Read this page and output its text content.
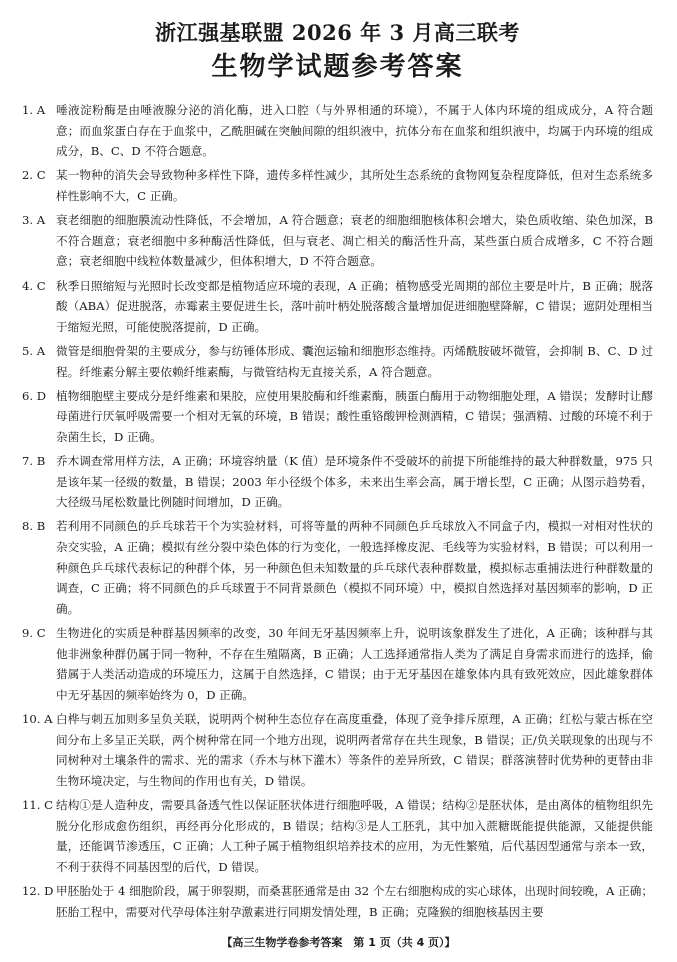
浙江强基联盟 2026 年 3 月高三联考
生物学试题参考答案
1. A 唾液淀粉酶是由唾液腺分泌的消化酶，进入口腔（与外界相通的环境），不属于人体内环境的组成成分，A 符合题意；而血浆蛋白存在于血浆中，乙酰胆碱在突触间隙的组织液中，抗体分布在血浆和组织液中，均属于内环境的组成成分，B、C、D 不符合题意。
2. C 某一物种的消失会导致物种多样性下降，遗传多样性减少，其所处生态系统的食物网复杂程度降低，但对生态系统多样性影响不大，C 正确。
3. A 衰老细胞的细胞膜流动性降低，不会增加，A 符合题意；衰老的细胞细胞核体积会增大，染色质收缩、染色加深，B 不符合题意；衰老细胞中多种酶活性降低，但与衰老、凋亡相关的酶活性升高，某些蛋白质合成增多，C 不符合题意；衰老细胞中线粒体数量减少，但体积增大，D 不符合题意。
4. C 秋季日照缩短与光照时长改变都是植物适应环境的表现，A 正确；植物感受光周期的部位主要是叶片，B 正确；脱落酸（ABA）促进脱落，赤霉素主要促进生长，落叶前叶柄处脱落酸含量增加促进细胞壁降解，C 错误；遮阴处理相当于缩短光照，可能使脱落提前，D 正确。
5. A 微管是细胞骨架的主要成分，参与纺锤体形成、囊泡运输和细胞形态维持。丙烯酰胺破坏微管，会抑制 B、C、D 过程。纤维素分解主要依赖纤维素酶，与微管结构无直接关系，A 符合题意。
6. D 植物细胞壁主要成分是纤维素和果胶，应使用果胶酶和纤维素酶，胰蛋白酶用于动物细胞处理，A 错误；发酵时让醪母菌进行厌氧呼吸需要一个相对无氧的环境，B 错误；酸性重铬酸钾检测酒精，C 错误；强酒精、过酸的环境不利于杂菌生长，D 正确。
7. B 乔木调查常用样方法，A 正确；环境容纳量（K 值）是环境条件不受破坏的前提下所能维持的最大种群数量，975 只是该年某一径级的数量，B 错误；2003 年小径级个体多，未来出生率会高，属于增长型，C 正确；从图示趋势看，大径级马尾松数量比例随时间增加，D 正确。
8. B 若利用不同颜色的乒乓球若干个为实验材料，可将等量的两种不同颜色乒乓球放入不同盒子内，模拟一对相对性状的杂交实验，A 正确；模拟有丝分裂中染色体的行为变化，一般选择橡皮泥、毛线等为实验材料，B 错误；可以利用一种颜色乒乓球代表标记的种群个体，另一种颜色但未知数量的乒乓球代表种群数量，模拟标志重捕法进行种群数量的调查，C 正确；将不同颜色的乒乓球置于不同背景颜色（模拟不同环境）中，模拟自然选择对基因频率的影响，D 正确。
9. C 生物进化的实质是种群基因频率的改变，30 年间无牙基因频率上升，说明该象群发生了进化，A 正确；该种群与其他非洲象种群仍属于同一物种，不存在生殖隔离，B 正确；人工选择通常指人类为了满足自身需求而进行的选择，偷猎属于人类活动造成的环境压力，这属于自然选择，C 错误；由于无牙基因在雄象体内具有致死效应，因此雄象群体中无牙基因的频率始终为 0，D 正确。
10. A 白桦与刺五加则多呈负关联，说明两个树种生态位存在高度重叠，体现了竞争排斥原理，A 正确；红松与蒙古栎在空间分布上多呈正关联，两个树种常在同一个地方出现，说明两者常存在共生现象，B 错误；正/负关联现象的出现与不同树种对土壤条件的需求、光的需求（乔木与林下灌木）等条件的差异所致，C 错误；群落演替时优势种的更替由非生物环境决定，与生物间的作用也有关，D 错误。
11. C 结构①是人造种皮，需要具备透气性以保证胚状体进行细胞呼吸，A 错误；结构②是胚状体，是由离体的植物组织先脱分化形成愈伤组织，再经再分化形成的，B 错误；结构③是人工胚乳，其中加入蔗糖既能提供能源，又能提供能量，还能调节渗透压，C 正确；人工种子属于植物组织培养技术的应用，为无性繁殖，后代基因型通常与亲本一致，不利于获得不同基因型的后代，D 错误。
12. D 甲胚胎处于 4 细胞阶段，属于卵裂期，而桑葚胚通常是由 32 个左右细胞构成的实心球体，出现时间较晚，A 正确；胚胎工程中，需要对代孕母体注射孕激素进行同期发情处理，B 正确；克隆猴的细胞核基因主要
【高三生物学卷参考答案　第 1 页（共 4 页）】
